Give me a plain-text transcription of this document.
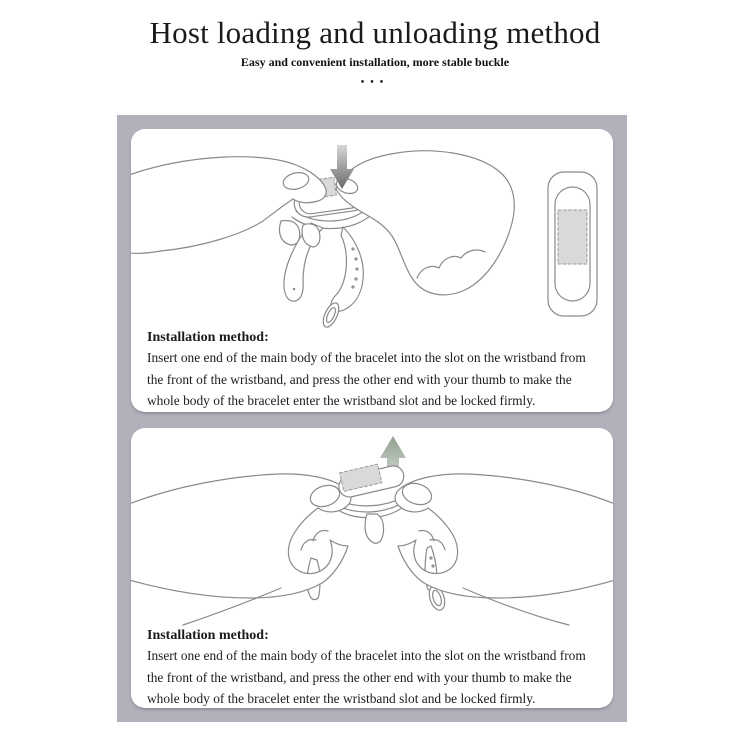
Host loading and unloading method
Easy and convenient installation, more stable buckle
•••
Installation method:
Insert one end of the main body of the bracelet into the slot on the wristband from the front of the wristband, and press the other end with your thumb to make the whole body of the bracelet enter the wristband slot and be locked firmly.
Installation method:
Insert one end of the main body of the bracelet into the slot on the wristband from the front of the wristband, and press the other end with your thumb to make the whole body of the bracelet enter the wristband slot and be locked firmly.
